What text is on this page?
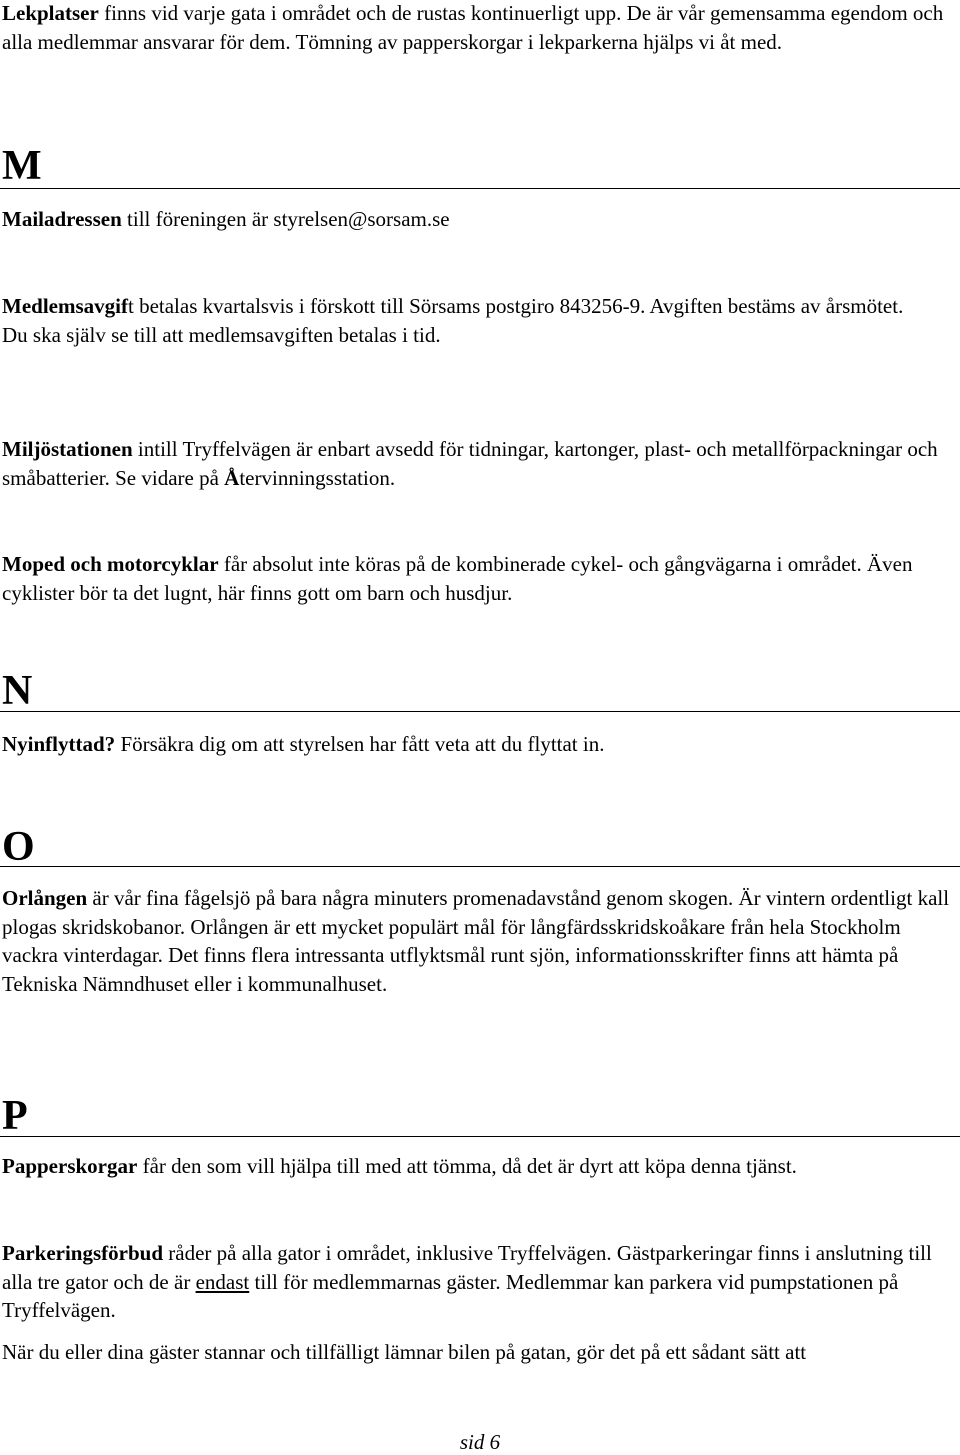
Lekplatser finns vid varje gata i området och de rustas kontinuerligt upp. De är vår gemensamma egendom och alla medlemmar ansvarar för dem. Tömning av papperskorgar i lekparkerna hjälps vi åt med.

M

Mailadressen till föreningen är styrelsen@sorsam.se

Medlemsavgift betalas kvartalsvis i förskott till Sörsams postgiro 843256-9. Avgiften bestäms av årsmötet.
Du ska själv se till att medlemsavgiften betalas i tid.

Miljöstationen intill Tryffelvägen är enbart avsedd för tidningar, kartonger, plast- och metallförpackningar och småbatterier. Se vidare på Återvinningsstation.

Moped och motorcyklar får absolut inte köras på de kombinerade cykel- och gångvägarna i området. Även cyklister bör ta det lugnt, här finns gott om barn och husdjur.

N

Nyinflyttad? Försäkra dig om att styrelsen har fått veta att du flyttat in.

O

Orlången är vår fina fågelsjö på bara några minuters promenadavstånd genom skogen. Är vintern ordentligt kall plogas skridskobanor. Orlången är ett mycket populärt mål för långfärdsskridskoåkare från hela Stockholm vackra vinterdagar. Det finns flera intressanta utflyktsmål runt sjön, informationsskrifter finns att hämta på Tekniska Nämndhuset eller i kommunalhuset.

P

Papperskorgar får den som vill hjälpa till med att tömma, då det är dyrt att köpa denna tjänst.

Parkeringsförbud råder på alla gator i området, inklusive Tryffelvägen. Gästparkeringar finns i anslutning till alla tre gator och de är endast till för medlemmarnas gäster. Medlemmar kan parkera vid pumpstationen på Tryffelvägen.

När du eller dina gäster stannar och tillfälligt lämnar bilen på gatan, gör det på ett sådant sätt att

sid 6
